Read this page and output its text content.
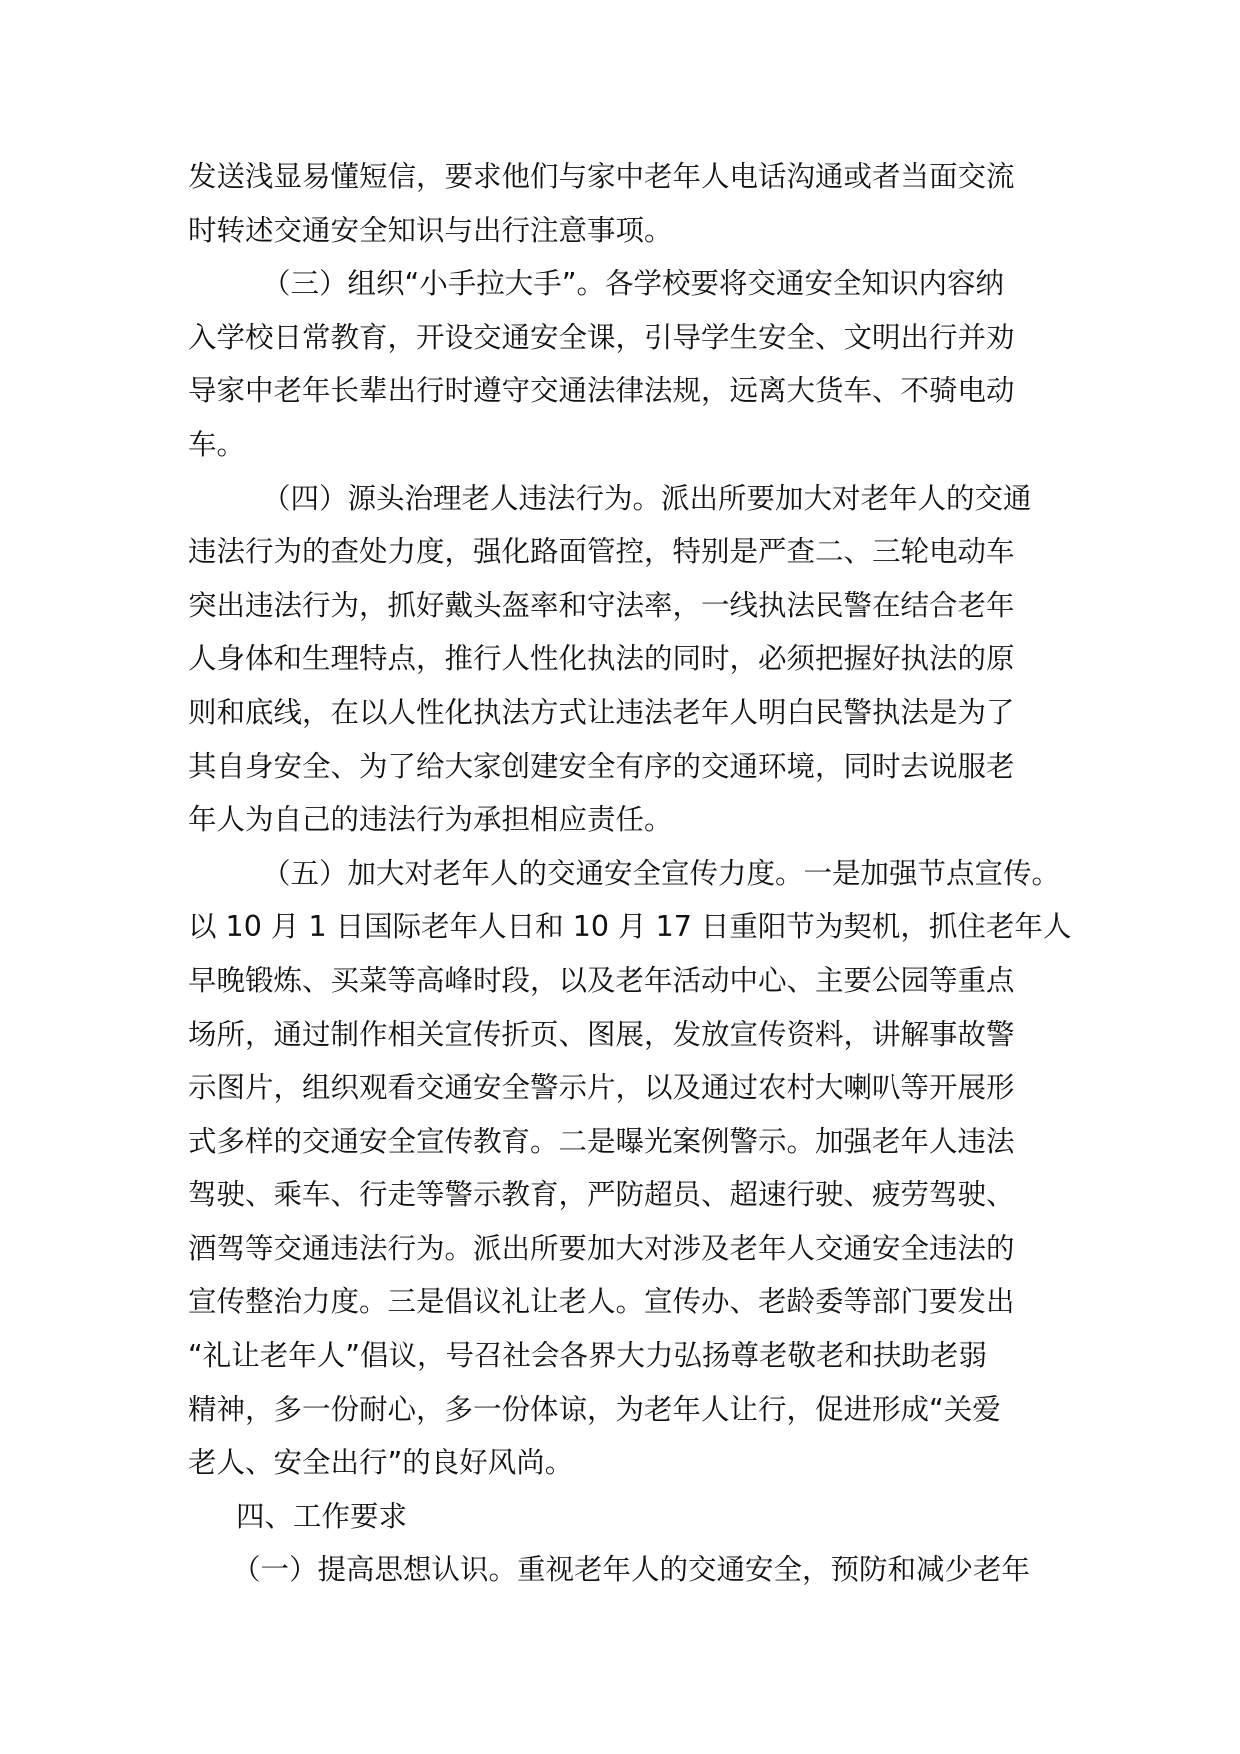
发送浅显易懂短信，要求他们与家中老年人电话沟通或者当面交流
时转述交通安全知识与出行注意事项。
（三）组织“小手拉大手”。各学校要将交通安全知识内容纳
入学校日常教育，开设交通安全课，引导学生安全、文明出行并劝
导家中老年长辈出行时遵守交通法律法规，远离大货车、不骑电动
车。
（四）源头治理老人违法行为。派出所要加大对老年人的交通
违法行为的查处力度，强化路面管控，特别是严查二、三轮电动车
突出违法行为，抓好戴头盔率和守法率，一线执法民警在结合老年
人身体和生理特点，推行人性化执法的同时，必须把握好执法的原
则和底线，在以人性化执法方式让违法老年人明白民警执法是为了
其自身安全、为了给大家创建安全有序的交通环境，同时去说服老
年人为自己的违法行为承担相应责任。
（五）加大对老年人的交通安全宣传力度。一是加强节点宣传。
以 10 月 1 日国际老年人日和 10 月 17 日重阳节为契机，抓住老年人
早晚锻炼、买菜等高峰时段，以及老年活动中心、主要公园等重点
场所，通过制作相关宣传折页、图展，发放宣传资料，讲解事故警
示图片，组织观看交通安全警示片，以及通过农村大喇叭等开展形
式多样的交通安全宣传教育。二是曝光案例警示。加强老年人违法
驾驶、乘车、行走等警示教育，严防超员、超速行驶、疲劳驾驶、
酒驾等交通违法行为。派出所要加大对涉及老年人交通安全违法的
宣传整治力度。三是倡议礼让老人。宣传办、老龄委等部门要发出
“礼让老年人”倡议，号召社会各界大力弘扬尊老敬老和扶助老弱
精神，多一份耐心，多一份体谅，为老年人让行，促进形成“关爱
老人、安全出行”的良好风尚。
四、工作要求
（一）提高思想认识。重视老年人的交通安全，预防和减少老年
